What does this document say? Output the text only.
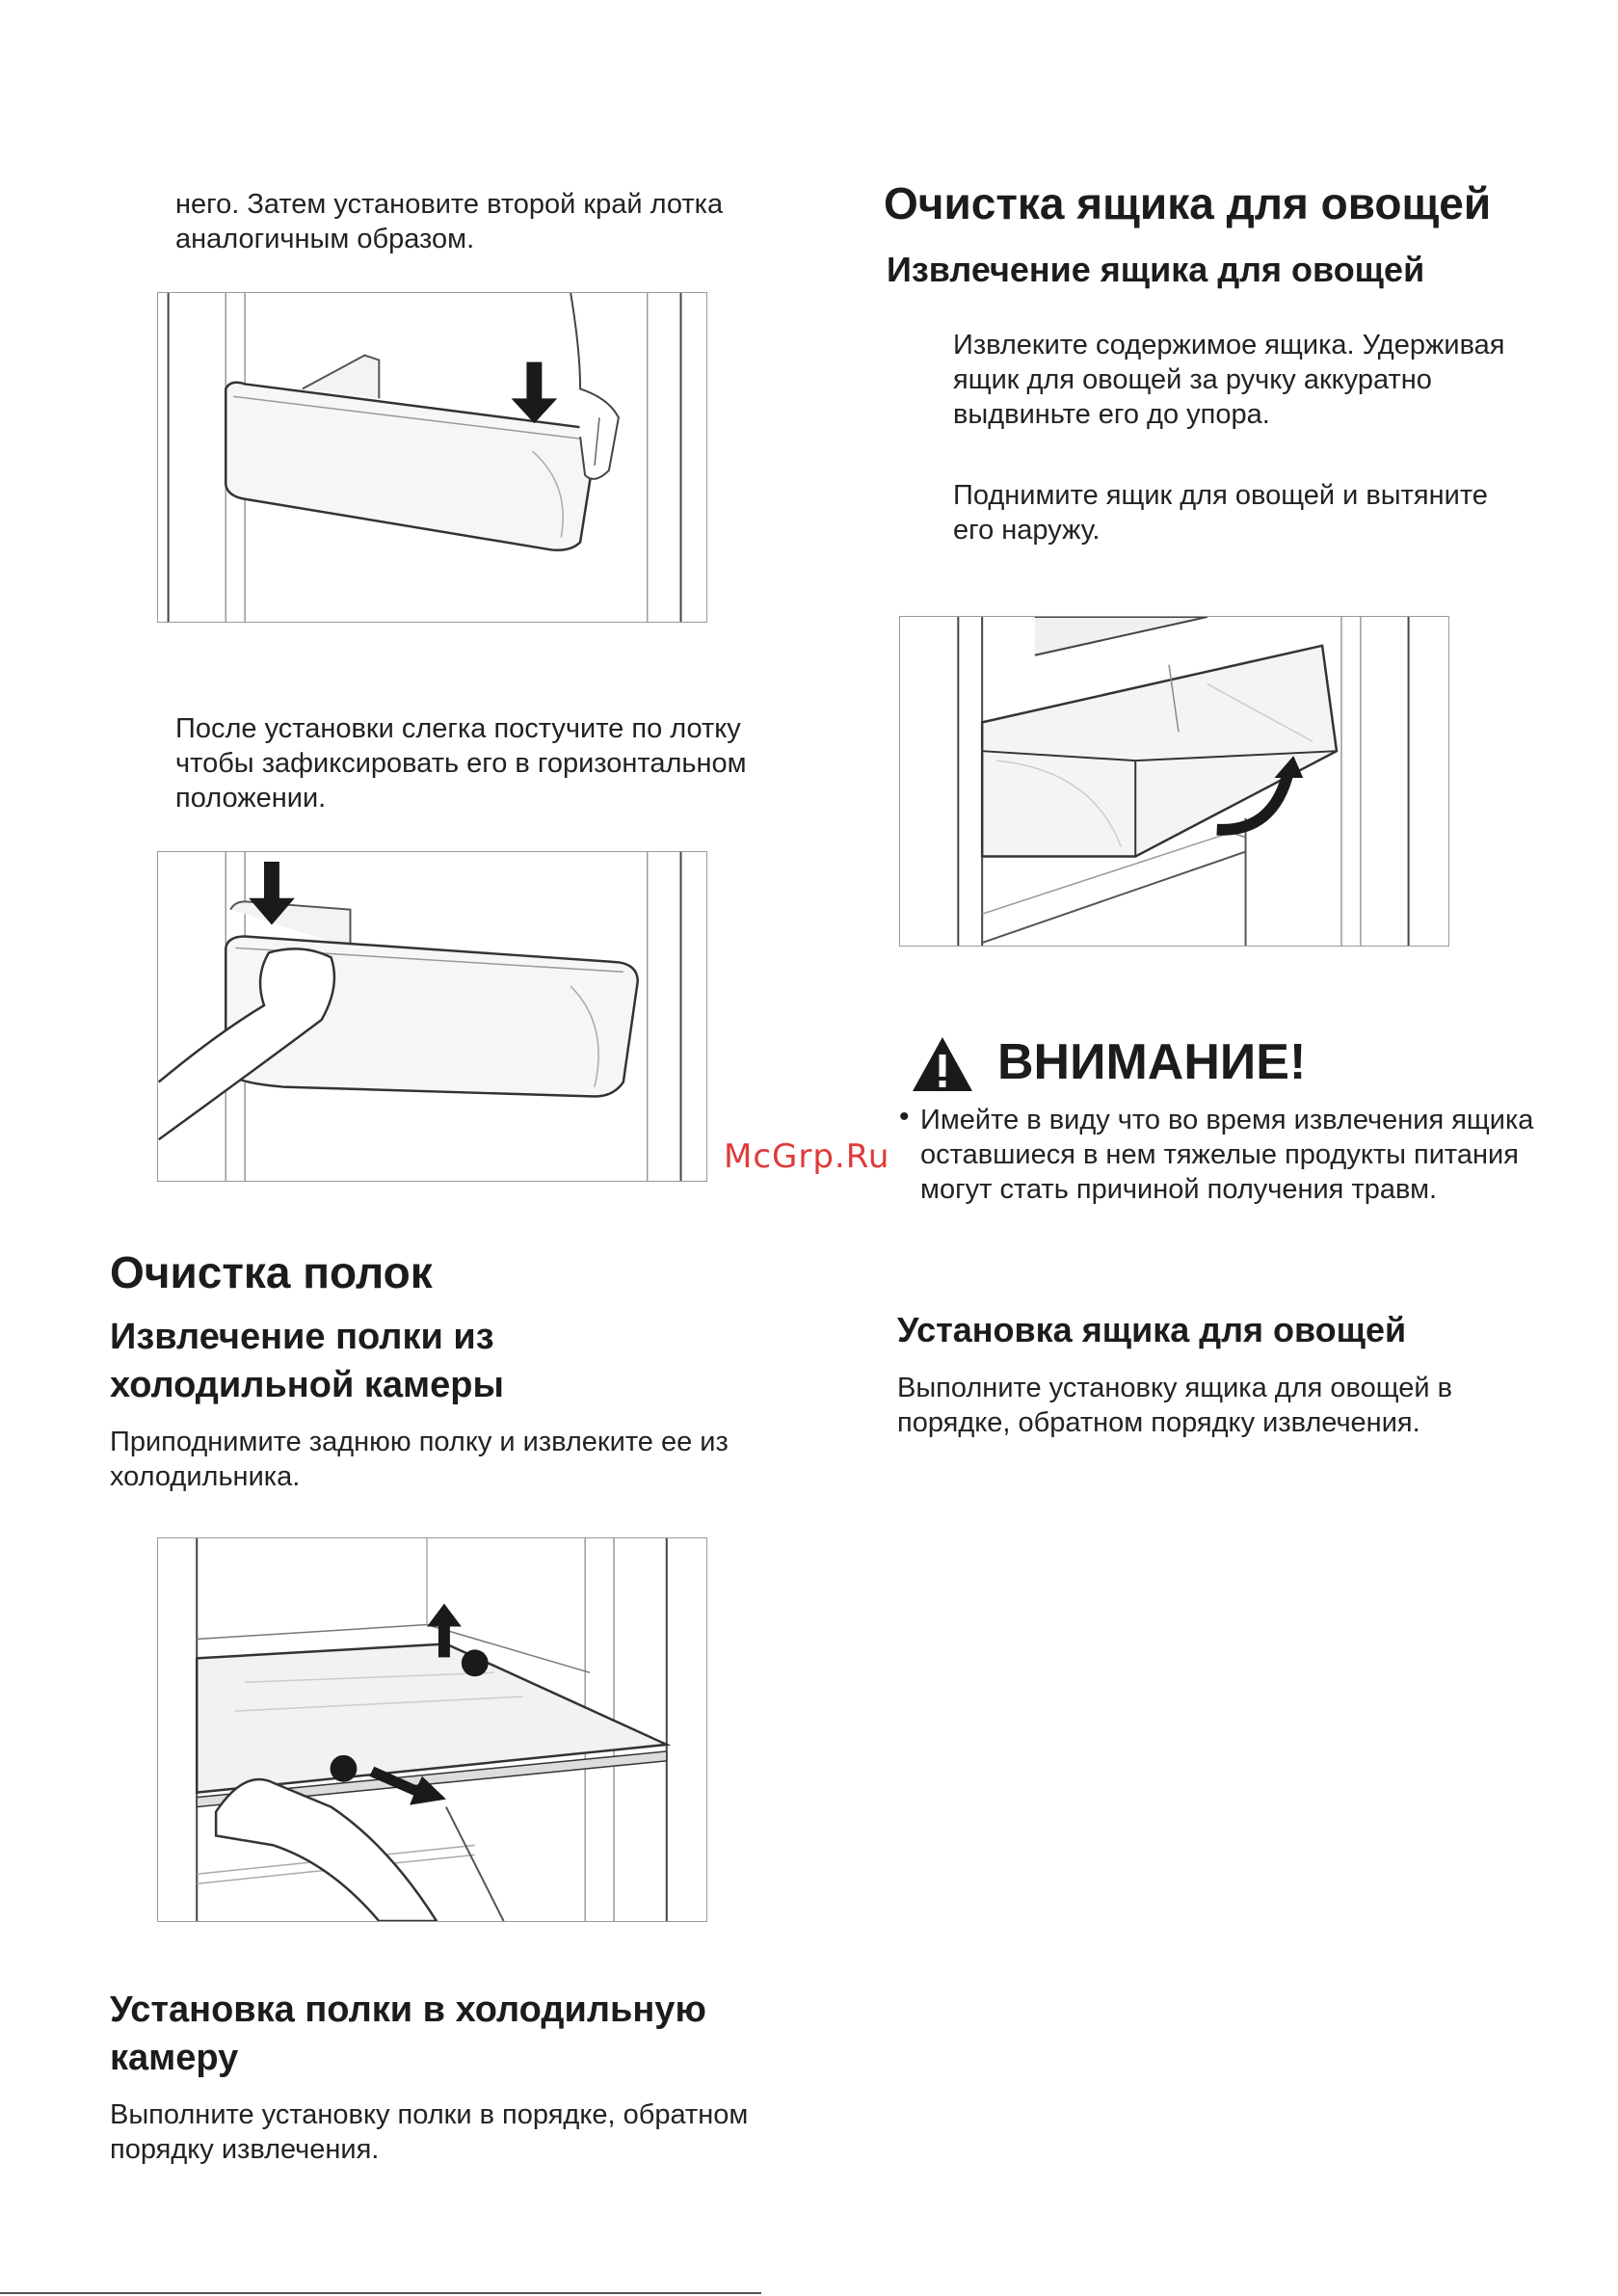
него. Затем установите второй край лотка аналогичным образом.

После установки слегка постучите по лотку чтобы зафиксировать его в горизонтальном положении.

Очистка полок
Извлечение полки из холодильной камеры

Приподнимите заднюю полку и извлеките ее из холодильника.

Установка полки в холодильную камеру

Выполните установку полки в порядке, обратном порядку извлечения.

Очистка ящика для овощей
Извлечение ящика для овощей

Извлеките содержимое ящика. Удерживая ящик для овощей за ручку аккуратно выдвиньте его до упора.

Поднимите ящик для овощей и вытяните его наружу.

ВНИМАНИЕ!
• Имейте в виду что во время извлечения ящика оставшиеся в нем тяжелые продукты питания могут стать причиной получения травм.

McGrp.Ru
Установка ящика для овощей

Выполните установку ящика для овощей в порядке, обратном порядку извлечения.
